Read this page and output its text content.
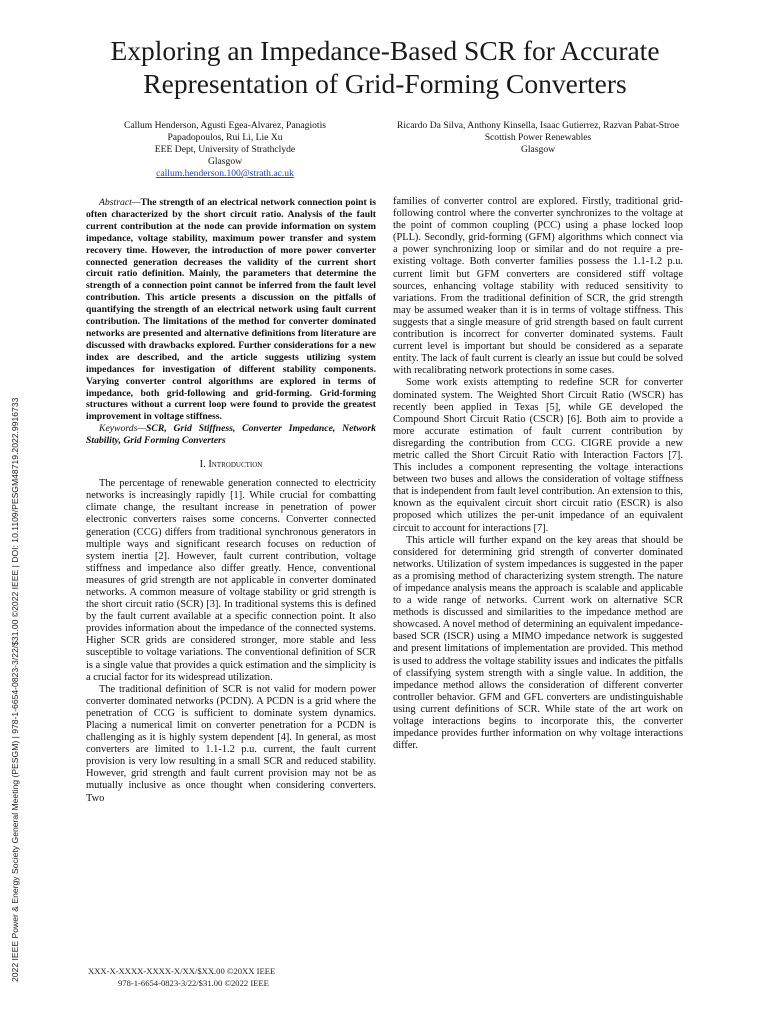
2022 IEEE Power & Energy Society General Meeting (PESGM) | 978-1-6654-0823-3/22/$31.00 ©2022 IEEE | DOI: 10.1109/PESGM48719.2022.9916733
Exploring an Impedance-Based SCR for Accurate Representation of Grid-Forming Converters
Callum Henderson, Agusti Egea-Alvarez, Panagiotis Papadopoulos, Rui Li, Lie Xu
EEE Dept, University of Strathclyde
Glasgow
callum.henderson.100@strath.ac.uk
Ricardo Da Silva, Anthony Kinsella, Isaac Gutierrez, Razvan Pabat-Stroe
Scottish Power Renewables
Glasgow

Abstract—The strength of an electrical network connection point is often characterized by the short circuit ratio. Analysis of the fault current contribution at the node can provide information on system impedance, voltage stability, maximum power transfer and system recovery time. However, the introduction of more power converter connected generation decreases the validity of the current short circuit ratio definition. Mainly, the parameters that determine the strength of a connection point cannot be inferred from the fault level contribution. This article presents a discussion on the pitfalls of quantifying the strength of an electrical network using fault current contribution. The limitations of the method for converter dominated networks are presented and alternative definitions from literature are discussed with drawbacks explored. Further considerations for a new index are described, and the article suggests utilizing system impedances for investigation of different stability components. Varying converter control algorithms are explored in terms of impedance, both grid-following and grid-forming. Grid-forming structures without a current loop were found to provide the greatest improvement in voltage stiffness.

Keywords—SCR, Grid Stiffness, Converter Impedance, Network Stability, Grid Forming Converters

I. Introduction

The percentage of renewable generation connected to electricity networks is increasingly rapidly [1]. While crucial for combatting climate change, the resultant increase in penetration of power electronic converters raises some concerns. Converter connected generation (CCG) differs from traditional synchronous generators in multiple ways and significant research focuses on reduction of system inertia [2]. However, fault current contribution, voltage stiffness and impedance also differ greatly. Hence, conventional measures of grid strength are not applicable in converter dominated networks. A common measure of voltage stability or grid strength is the short circuit ratio (SCR) [3]. In traditional systems this is defined by the fault current available at a specific connection point. It also provides information about the impedance of the connected systems. Higher SCR grids are considered stronger, more stable and less susceptible to voltage variations. The conventional definition of SCR is a single value that provides a quick estimation and the simplicity is a crucial factor for its widespread utilization.

The traditional definition of SCR is not valid for modern power converter dominated networks (PCDN). A PCDN is a grid where the penetration of CCG is sufficient to dominate system dynamics. Placing a numerical limit on converter penetration for a PCDN is challenging as it is highly system dependent [4]. In general, as most converters are limited to 1.1-1.2 p.u. current, the fault current provision is very low resulting in a small SCR and reduced stability. However, grid strength and fault current provision may not be as mutually inclusive as once thought when considering converters. Two

families of converter control are explored. Firstly, traditional grid-following control where the converter synchronizes to the voltage at the point of common coupling (PCC) using a phase locked loop (PLL). Secondly, grid-forming (GFM) algorithms which connect via a power synchronizing loop or similar and do not require a pre-existing voltage. Both converter families possess the 1.1-1.2 p.u. current limit but GFM converters are considered stiff voltage sources, enhancing voltage stability with reduced sensitivity to variations. From the traditional definition of SCR, the grid strength may be assumed weaker than it is in terms of voltage stiffness. This suggests that a single measure of grid strength based on fault current contribution is incorrect for converter dominated systems. Fault current level is important but should be considered as a separate entity. The lack of fault current is clearly an issue but could be solved with recalibrating network protections in some cases.

Some work exists attempting to redefine SCR for converter dominated system. The Weighted Short Circuit Ratio (WSCR) has recently been applied in Texas [5], while GE developed the Compound Short Circuit Ratio (CSCR) [6]. Both aim to provide a more accurate estimation of fault current contribution by disregarding the contribution from CCG. CIGRE provide a new metric called the Short Circuit Ratio with Interaction Factors [7]. This includes a component representing the voltage interactions between two buses and allows the consideration of voltage stiffness that is independent from fault level contribution. An extension to this, known as the equivalent circuit short circuit ratio (ESCR) is also proposed which utilizes the per-unit impedance of an equivalent circuit to account for interactions [7].

This article will further expand on the key areas that should be considered for determining grid strength of converter dominated networks. Utilization of system impedances is suggested in the paper as a promising method of characterizing system strength. The nature of impedance analysis means the approach is scalable and applicable to a wide range of networks. Current work on alternative SCR methods is discussed and similarities to the impedance method are showcased. A novel method of determining an equivalent impedance-based SCR (ISCR) using a MIMO impedance network is suggested and present limitations of implementation are provided. This method is used to address the voltage stability issues and indicates the pitfalls of classifying system strength with a single value. In addition, the impedance method allows the consideration of different converter controller behavior. GFM and GFL converters are undistinguishable using current definitions of SCR. While state of the art work on voltage interactions begins to incorporate this, the converter impedance provides further information on why voltage interactions differ.

XXX-X-XXXX-XXXX-X/XX/$XX.00 ©20XX IEEE
978-1-6654-0823-3/22/$31.00 ©2022 IEEE
